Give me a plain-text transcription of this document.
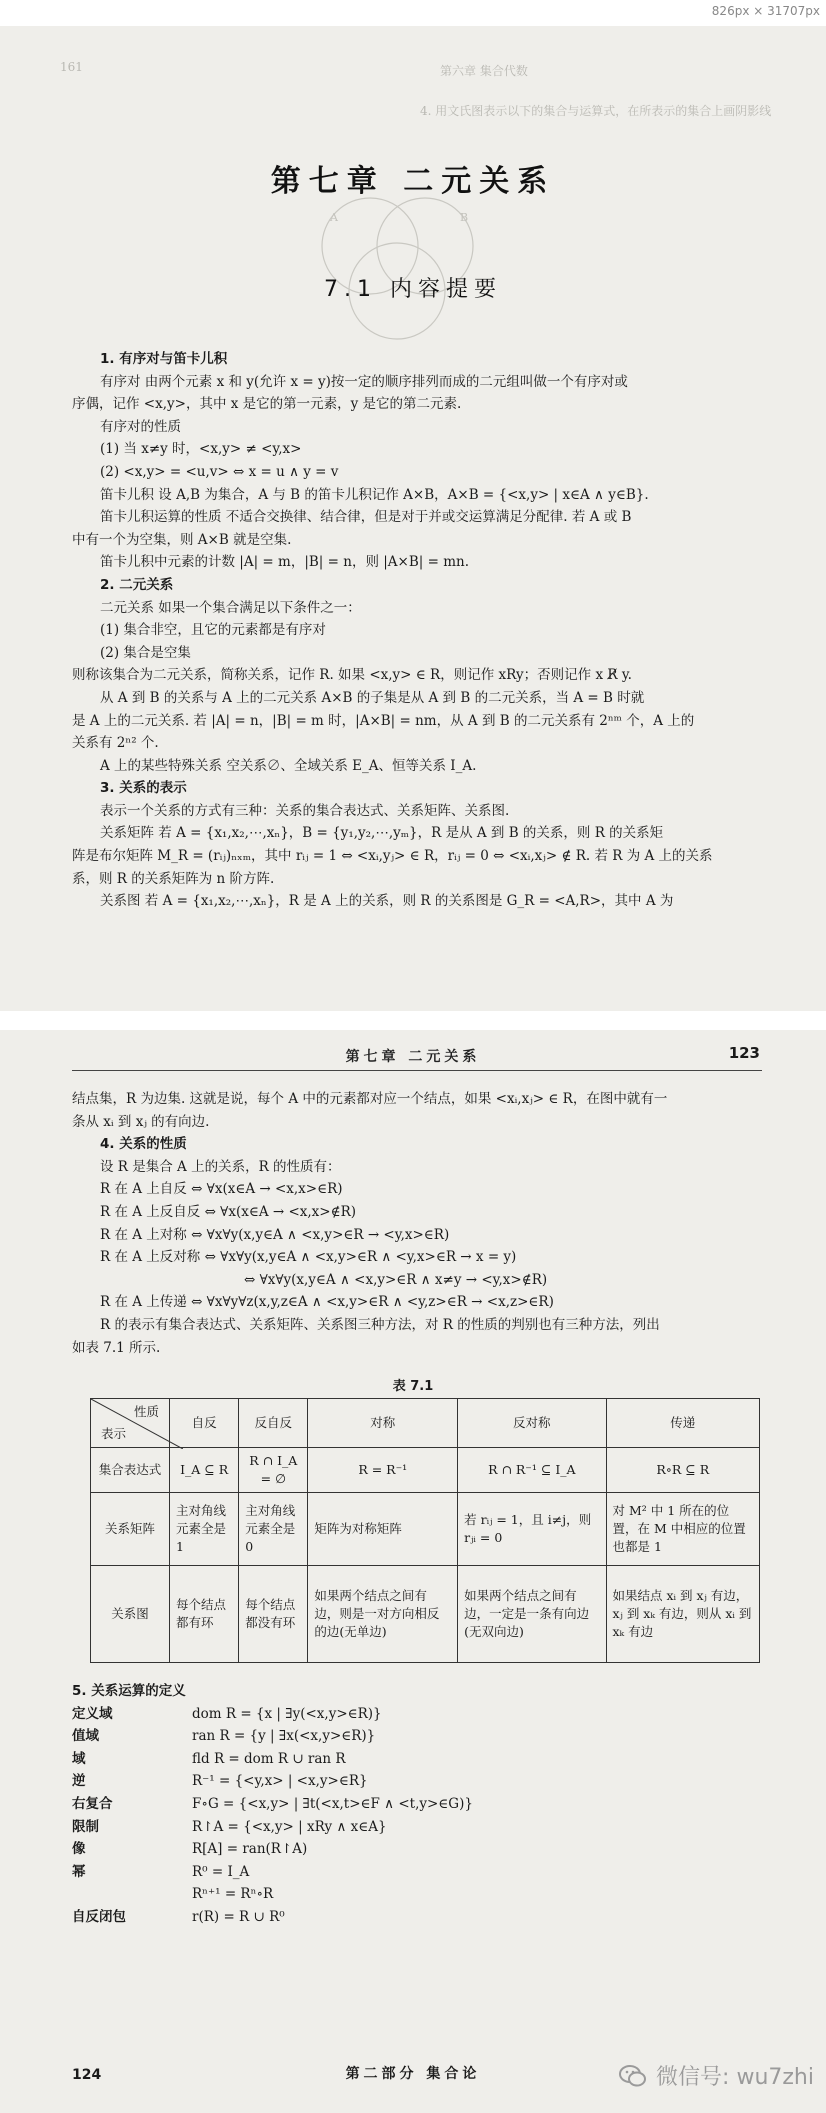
826px × 31707px
161	第六章 集合代数
4. 用文氏图表示以下的集合与运算式，在所表示的集合上画阴影线
A	B
第七章 二元关系
7.1 内容提要
1. 有序对与笛卡儿积
有序对 由两个元素 x 和 y(允许 x = y)按一定的顺序排列而成的二元组叫做一个有序对或
序偶，记作 <x,y>，其中 x 是它的第一元素，y 是它的第二元素.
有序对的性质
(1) 当 x≠y 时，<x,y> ≠ <y,x>
(2) <x,y> = <u,v> ⇔ x = u ∧ y = v
笛卡儿积 设 A,B 为集合，A 与 B 的笛卡儿积记作 A×B，A×B = {<x,y> | x∈A ∧ y∈B}.
笛卡儿积运算的性质 不适合交换律、结合律，但是对于并或交运算满足分配律. 若 A 或 B
中有一个为空集，则 A×B 就是空集.
笛卡儿积中元素的计数 |A| = m，|B| = n，则 |A×B| = mn.
2. 二元关系
二元关系 如果一个集合满足以下条件之一：
(1) 集合非空，且它的元素都是有序对
(2) 集合是空集
则称该集合为二元关系，简称关系，记作 R. 如果 <x,y> ∈ R，则记作 xRy；否则记作 x R̸ y.
从 A 到 B 的关系与 A 上的二元关系 A×B 的子集是从 A 到 B 的二元关系，当 A = B 时就
是 A 上的二元关系. 若 |A| = n，|B| = m 时，|A×B| = nm，从 A 到 B 的二元关系有 2ⁿᵐ 个，A 上的
关系有 2ⁿ² 个.
A 上的某些特殊关系 空关系∅、全域关系 E_A、恒等关系 I_A.
3. 关系的表示
表示一个关系的方式有三种：关系的集合表达式、关系矩阵、关系图.
关系矩阵 若 A = {x₁,x₂,⋯,xₙ}，B = {y₁,y₂,⋯,yₘ}，R 是从 A 到 B 的关系，则 R 的关系矩
阵是布尔矩阵 M_R = (rᵢⱼ)ₙₓₘ，其中 rᵢⱼ = 1 ⇔ <xᵢ,yⱼ> ∈ R，rᵢⱼ = 0 ⇔ <xᵢ,xⱼ> ∉ R. 若 R 为 A 上的关系
系，则 R 的关系矩阵为 n 阶方阵.
关系图 若 A = {x₁,x₂,⋯,xₙ}，R 是 A 上的关系，则 R 的关系图是 G_R = <A,R>，其中 A 为
第七章 二元关系	123
结点集，R 为边集. 这就是说，每个 A 中的元素都对应一个结点，如果 <xᵢ,xⱼ> ∈ R，在图中就有一
条从 xᵢ 到 xⱼ 的有向边.
4. 关系的性质
设 R 是集合 A 上的关系，R 的性质有：
R 在 A 上自反 ⇔ ∀x(x∈A → <x,x>∈R)
R 在 A 上反自反 ⇔ ∀x(x∈A → <x,x>∉R)
R 在 A 上对称 ⇔ ∀x∀y(x,y∈A ∧ <x,y>∈R → <y,x>∈R)
R 在 A 上反对称 ⇔ ∀x∀y(x,y∈A ∧ <x,y>∈R ∧ <y,x>∈R → x = y)
⇔ ∀x∀y(x,y∈A ∧ <x,y>∈R ∧ x≠y → <y,x>∉R)
R 在 A 上传递 ⇔ ∀x∀y∀z(x,y,z∈A ∧ <x,y>∈R ∧ <y,z>∈R → <x,z>∈R)
R 的表示有集合表达式、关系矩阵、关系图三种方法，对 R 的性质的判别也有三种方法，列出
如表 7.1 所示.
表 7.1
性质
表示	自反	反自反	对称	反对称	传递
集合表达式	I_A ⊆ R	R ∩ I_A = ∅	R = R⁻¹	R ∩ R⁻¹ ⊆ I_A	R∘R ⊆ R
关系矩阵	主对角线元素全是 1	主对角线元素全是 0	矩阵为对称矩阵	若 rᵢⱼ = 1，且 i≠j，则 rⱼᵢ = 0	对 M² 中 1 所在的位置，在 M 中相应的位置也都是 1
关系图	每个结点都有环	每个结点都没有环	如果两个结点之间有边，则是一对方向相反的边(无单边)	如果两个结点之间有边，一定是一条有向边(无双向边)	如果结点 xᵢ 到 xⱼ 有边，xⱼ 到 xₖ 有边，则从 xᵢ 到 xₖ 有边
5. 关系运算的定义
定义域	dom R = {x | ∃y(<x,y>∈R)}
值域	ran R = {y | ∃x(<x,y>∈R)}
域	fld R = dom R ∪ ran R
逆	R⁻¹ = {<y,x> | <x,y>∈R}
右复合	F∘G = {<x,y> | ∃t(<x,t>∈F ∧ <t,y>∈G)}
限制	R↾A = {<x,y> | xRy ∧ x∈A}
像	R[A] = ran(R↾A)
幂	R⁰ = I_A
Rⁿ⁺¹ = Rⁿ∘R
自反闭包	r(R) = R ∪ R⁰
124	第二部分 集合论	微信号: wu7zhi
